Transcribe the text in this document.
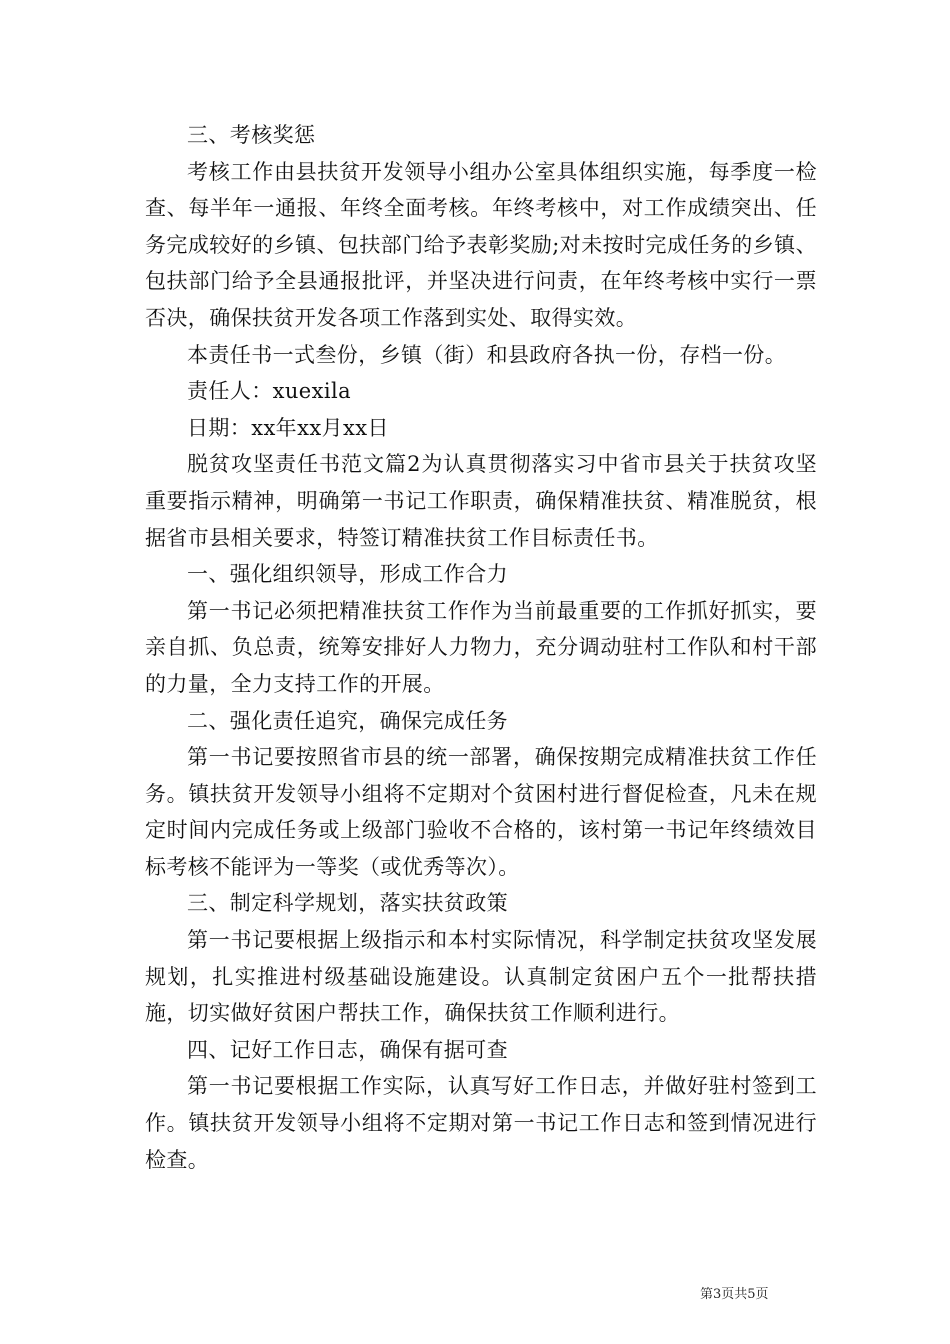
三、考核奖惩

考核工作由县扶贫开发领导小组办公室具体组织实施，每季度一检查、每半年一通报、年终全面考核。年终考核中，对工作成绩突出、任务完成较好的乡镇、包扶部门给予表彰奖励;对未按时完成任务的乡镇、包扶部门给予全县通报批评，并坚决进行问责，在年终考核中实行一票否决，确保扶贫开发各项工作落到实处、取得实效。

本责任书一式叁份，乡镇（街）和县政府各执一份，存档一份。

责任人：xuexila

日期：xx年xx月xx日

脱贫攻坚责任书范文篇2为认真贯彻落实习中省市县关于扶贫攻坚重要指示精神，明确第一书记工作职责，确保精准扶贫、精准脱贫，根据省市县相关要求，特签订精准扶贫工作目标责任书。

一、强化组织领导，形成工作合力

第一书记必须把精准扶贫工作作为当前最重要的工作抓好抓实，要亲自抓、负总责，统筹安排好人力物力，充分调动驻村工作队和村干部的力量，全力支持工作的开展。

二、强化责任追究，确保完成任务

第一书记要按照省市县的统一部署，确保按期完成精准扶贫工作任务。镇扶贫开发领导小组将不定期对个贫困村进行督促检查，凡未在规定时间内完成任务或上级部门验收不合格的，该村第一书记年终绩效目标考核不能评为一等奖（或优秀等次）。

三、制定科学规划，落实扶贫政策

第一书记要根据上级指示和本村实际情况，科学制定扶贫攻坚发展规划，扎实推进村级基础设施建设。认真制定贫困户五个一批帮扶措施，切实做好贫困户帮扶工作，确保扶贫工作顺利进行。

四、记好工作日志，确保有据可查

第一书记要根据工作实际，认真写好工作日志，并做好驻村签到工作。镇扶贫开发领导小组将不定期对第一书记工作日志和签到情况进行检查。

第3页共5页
